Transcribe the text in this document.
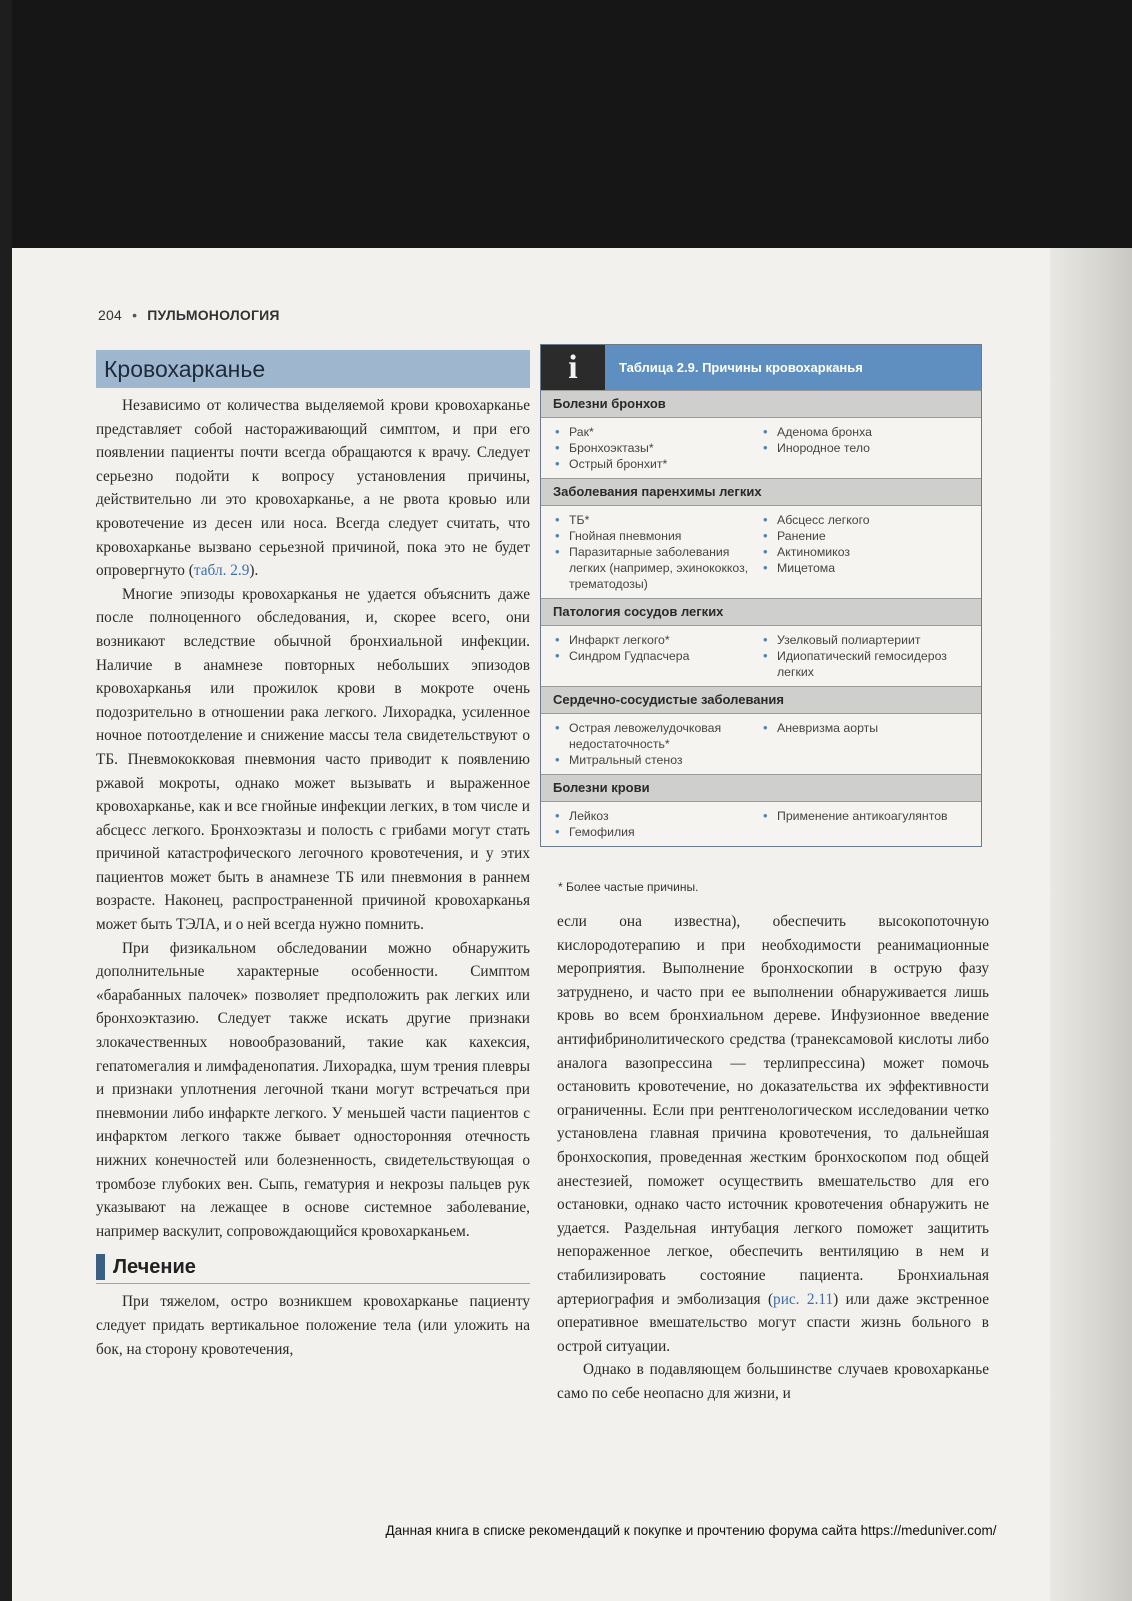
204 • ПУЛЬМОНОЛОГИЯ
Кровохарканье

Независимо от количества выделяемой крови кровохарканье представляет собой настораживающий симптом, и при его появлении пациенты почти всегда обращаются к врачу. Следует серьезно подойти к вопросу установления причины, действительно ли это кровохарканье, а не рвота кровью или кровотечение из десен или носа. Всегда следует считать, что кровохарканье вызвано серьезной причиной, пока это не будет опровергнуто (табл. 2.9).

Многие эпизоды кровохарканья не удается объяснить даже после полноценного обследования, и, скорее всего, они возникают вследствие обычной бронхиальной инфекции. Наличие в анамнезе повторных небольших эпизодов кровохарканья или прожилок крови в мокроте очень подозрительно в отношении рака легкого. Лихорадка, усиленное ночное потоотделение и снижение массы тела свидетельствуют о ТБ. Пневмококковая пневмония часто приводит к появлению ржавой мокроты, однако может вызывать и выраженное кровохарканье, как и все гнойные инфекции легких, в том числе и абсцесс легкого. Бронхоэктазы и полость с грибами могут стать причиной катастрофического легочного кровотечения, и у этих пациентов может быть в анамнезе ТБ или пневмония в раннем возрасте. Наконец, распространенной причиной кровохарканья может быть ТЭЛА, и о ней всегда нужно помнить.

При физикальном обследовании можно обнаружить дополнительные характерные особенности. Симптом «барабанных палочек» позволяет предположить рак легких или бронхоэктазию. Следует также искать другие признаки злокачественных новообразований, такие как кахексия, гепатомегалия и лимфаденопатия. Лихорадка, шум трения плевры и признаки уплотнения легочной ткани могут встречаться при пневмонии либо инфаркте легкого. У меньшей части пациентов с инфарктом легкого также бывает односторонняя отечность нижних конечностей или болезненность, свидетельствующая о тромбозе глубоких вен. Сыпь, гематурия и некрозы пальцев рук указывают на лежащее в основе системное заболевание, например васкулит, сопровождающийся кровохарканьем.

Лечение

При тяжелом, остро возникшем кровохарканье пациенту следует придать вертикальное положение тела (или уложить на бок, на сторону кровотечения,

i	Таблица 2.9. Причины кровохарканья
Болезни бронхов
• Рак*
• Бронхоэктазы*
• Острый бронхит*
• Аденома бронха
• Инородное тело
Заболевания паренхимы легких
• ТБ*
• Гнойная пневмония
• Паразитарные заболевания легких (например, эхинококкоз, трематодозы)
• Абсцесс легкого
• Ранение
• Актиномикоз
• Мицетома
Патология сосудов легких
• Инфаркт легкого*
• Синдром Гудпасчера
• Узелковый полиартериит
• Идиопатический гемосидероз легких
Сердечно-сосудистые заболевания
• Острая левожелудочковая недостаточность*
• Митральный стеноз
• Аневризма аорты
Болезни крови
• Лейкоз
• Гемофилия
• Применение антикоагулянтов
* Более частые причины.

если она известна), обеспечить высокопоточную кислородотерапию и при необходимости реанимационные мероприятия. Выполнение бронхоскопии в острую фазу затруднено, и часто при ее выполнении обнаруживается лишь кровь во всем бронхиальном дереве. Инфузионное введение антифибринолитического средства (транексамовой кислоты либо аналога вазопрессина — терлипрессина) может помочь остановить кровотечение, но доказательства их эффективности ограниченны. Если при рентгенологическом исследовании четко установлена главная причина кровотечения, то дальнейшая бронхоскопия, проведенная жестким бронхоскопом под общей анестезией, поможет осуществить вмешательство для его остановки, однако часто источник кровотечения обнаружить не удается. Раздельная интубация легкого поможет защитить непораженное легкое, обеспечить вентиляцию в нем и стабилизировать состояние пациента. Бронхиальная артериография и эмболизация (рис. 2.11) или даже экстренное оперативное вмешательство могут спасти жизнь больного в острой ситуации.

Однако в подавляющем большинстве случаев кровохарканье само по себе неопасно для жизни, и

Данная книга в списке рекомендаций к покупке и прочтению форума сайта https://meduniver.com/
